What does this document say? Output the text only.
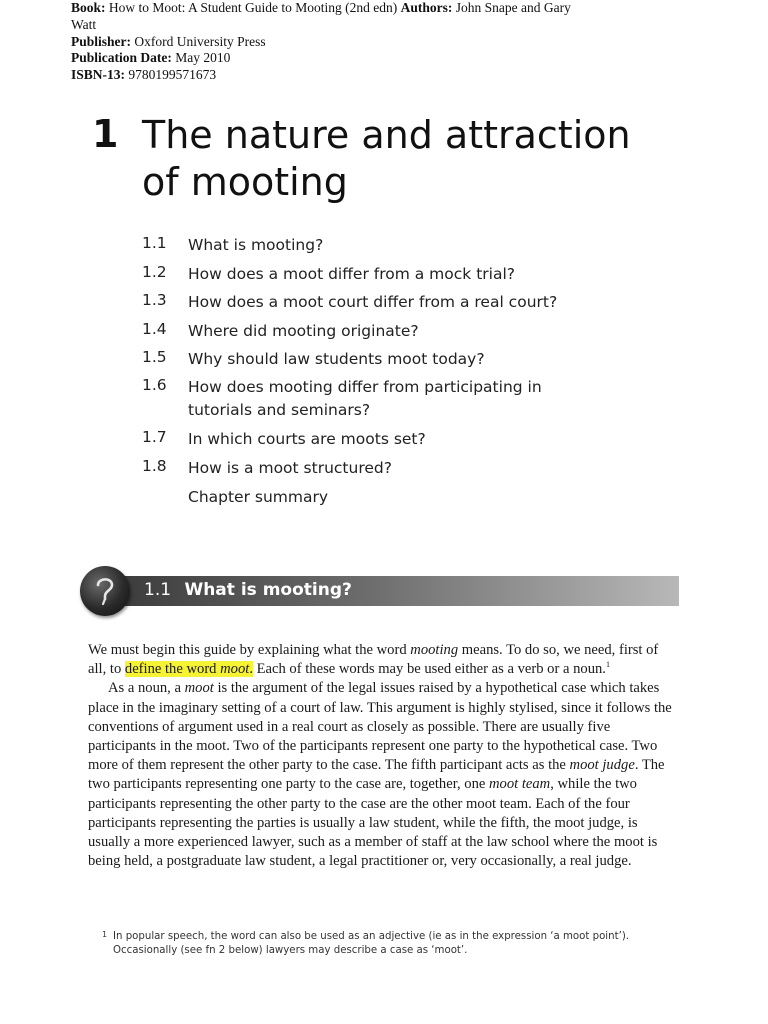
Book: How to Moot: A Student Guide to Mooting (2nd edn) Authors: John Snape and Gary Watt
Publisher: Oxford University Press
Publication Date: May 2010
ISBN-13: 9780199571673
1 The nature and attraction
of mooting
1.1	What is mooting?
1.2	How does a moot differ from a mock trial?
1.3	How does a moot court differ from a real court?
1.4	Where did mooting originate?
1.5	Why should law students moot today?
1.6	How does mooting differ from participating in tutorials and seminars?
1.7	In which courts are moots set?
1.8	How is a moot structured?
Chapter summary
1.1 What is mooting?

We must begin this guide by explaining what the word mooting means. To do so, we need, first of all, to define the word moot. Each of these words may be used either as a verb or a noun.$^1$

As a noun, a moot is the argument of the legal issues raised by a hypothetical case which takes place in the imaginary setting of a court of law. This argument is highly stylised, since it follows the conventions of argument used in a real court as closely as possible. There are usually five participants in the moot. Two of the participants represent one party to the hypothetical case. Two more of them represent the other party to the case. The fifth participant acts as the moot judge. The two participants representing one party to the case are, together, one moot team, while the two participants representing the other party to the case are the other moot team. Each of the four participants representing the parties is usually a law student, while the fifth, the moot judge, is usually a more experienced lawyer, such as a member of staff at the law school where the moot is being held, a postgraduate law student, a legal practitioner or, very occasionally, a real judge.

1 In popular speech, the word can also be used as an adjective (ie as in the expression ‘a moot point’). Occasionally (see fn 2 below) lawyers may describe a case as ‘moot’.
